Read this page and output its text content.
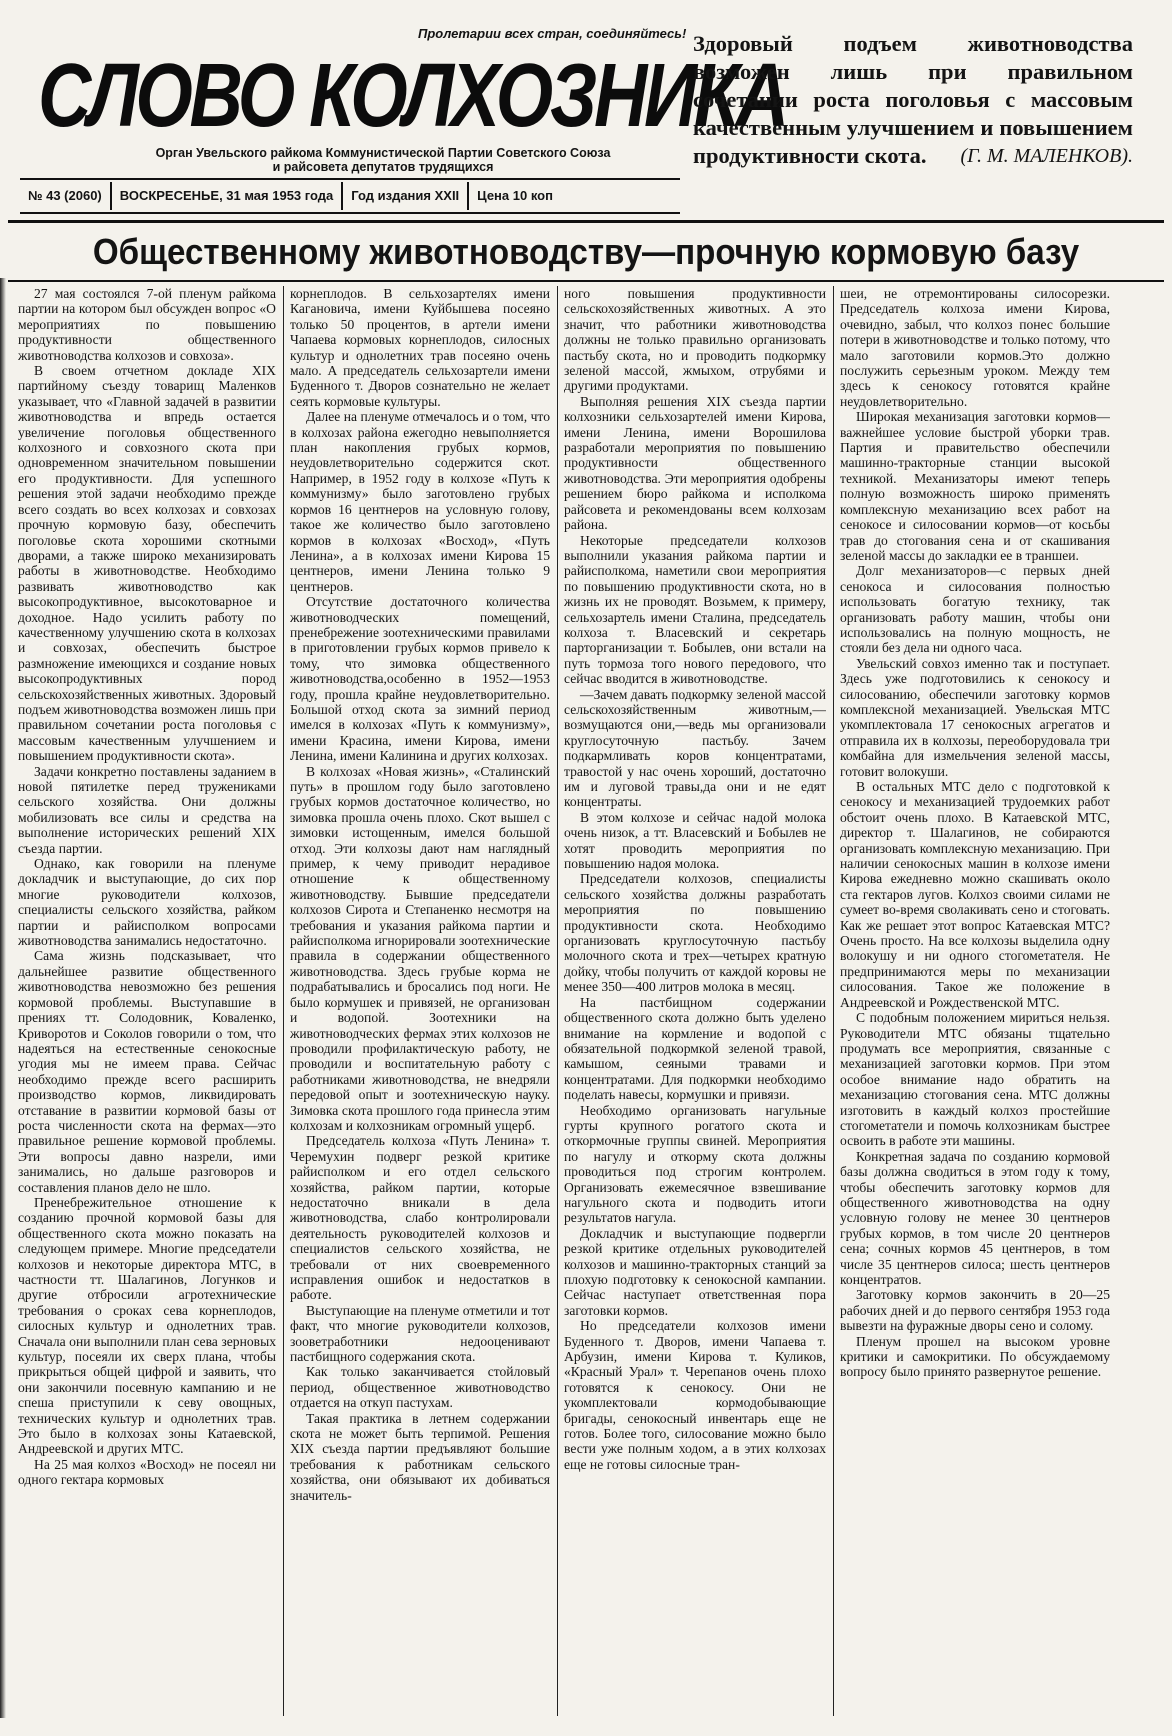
Пролетарии всех стран, соединяйтесь!
СЛОВО КОЛХОЗНИКА
Орган Увельского райкома Коммунистической Партии Советского Союза
и райсовета депутатов трудящихся
№ 43 (2060)	ВОСКРЕСЕНЬЕ, 31 мая 1953 года	Год издания XXII	Цена 10 коп
Здоровый подъем животноводства возможен лишь при правильном сочетании роста поголовья с массовым качественным улучшением и повышением продуктивности скота. (Г. М. МАЛЕНКОВ).
Общественному животноводству—прочную кормовую базу

27 мая состоялся 7-ой пленум райкома партии на котором был обсужден вопрос «О мероприятиях по повышению продуктивности общественного животноводства колхозов и совхоза».

В своем отчетном докладе XIX партийному съезду товарищ Маленков указывает, что «Главной задачей в развитии животноводства и впредь остается увеличение поголовья общественного колхозного и совхозного скота при одновременном значительном повышении его продуктивности. Для успешного решения этой задачи необходимо прежде всего создать во всех колхозах и совхозах прочную кормовую базу, обеспечить поголовье скота хорошими скотными дворами, а также широко механизировать работы в животноводстве. Необходимо развивать животноводство как высокопродуктивное, высокотоварное и доходное. Надо усилить работу по качественному улучшению скота в колхозах и совхозах, обеспечить быстрое размножение имеющихся и создание новых высокопродуктивных пород сельскохозяйственных животных. Здоровый подъем животноводства возможен лишь при правильном сочетании роста поголовья с массовым качественным улучшением и повышением продуктивности скота».

Задачи конкретно поставлены заданием в новой пятилетке перед тружениками сельского хозяйства. Они должны мобилизовать все силы и средства на выполнение исторических решений XIX съезда партии.

Однако, как говорили на пленуме докладчик и выступающие, до сих пор многие руководители колхозов, специалисты сельского хозяйства, райком партии и райисполком вопросами животноводства занимались недостаточно.

Сама жизнь подсказывает, что дальнейшее развитие общественного животноводства невозможно без решения кормовой проблемы. Выступавшие в прениях тт. Солодовник, Коваленко, Криворотов и Соколов говорили о том, что надеяться на естественные сенокосные угодия мы не имеем права. Сейчас необходимо прежде всего расширить производство кормов, ликвидировать отставание в развитии кормовой базы от роста численности скота на фермах—это правильное решение кормовой проблемы. Эти вопросы давно назрели, ими занимались, но дальше разговоров и составления планов дело не шло.

Пренебрежительное отношение к созданию прочной кормовой базы для общественного скота можно показать на следующем примере. Многие председатели колхозов и некоторые директора МТС, в частности тт. Шалагинов, Логунков и другие отбросили агротехнические требования о сроках сева корнеплодов, силосных культур и однолетних трав. Сначала они выполнили план сева зерновых культур, посеяли их сверх плана, чтобы прикрыться общей цифрой и заявить, что они закончили посевную кампанию и не спеша приступили к севу овощных, технических культур и однолетних трав. Это было в колхозах зоны Катаевской, Андреевской и других МТС.

На 25 мая колхоз «Восход» не посеял ни одного гектара кормовых

корнеплодов. В сельхозартелях имени Кагановича, имени Куйбышева посеяно только 50 процентов, в артели имени Чапаева кормовых корнеплодов, силосных культур и однолетних трав посеяно очень мало. А председатель сельхозартели имени Буденного т. Дворов сознательно не желает сеять кормовые культуры.

Далее на пленуме отмечалось и о том, что в колхозах района ежегодно невыполняется план накопления грубых кормов, неудовлетворительно содержится скот. Например, в 1952 году в колхозе «Путь к коммунизму» было заготовлено грубых кормов 16 центнеров на условную голову, такое же количество было заготовлено кормов в колхозах «Восход», «Путь Ленина», а в колхозах имени Кирова 15 центнеров, имени Ленина только 9 центнеров.

Отсутствие достаточного количества животноводческих помещений, пренебрежение зоотехническими правилами в приготовлении грубых кормов привело к тому, что зимовка общественного животноводства,особенно в 1952—1953 году, прошла крайне неудовлетворительно. Большой отход скота за зимний период имелся в колхозах «Путь к коммунизму», имени Красина, имени Кирова, имени Ленина, имени Калинина и других колхозах.

В колхозах «Новая жизнь», «Сталинский путь» в прошлом году было заготовлено грубых кормов достаточное количество, но зимовка прошла очень плохо. Скот вышел с зимовки истощенным, имелся большой отход. Эти колхозы дают нам наглядный пример, к чему приводит нерадивое отношение к общественному животноводству. Бывшие председатели колхозов Сирота и Степаненко несмотря на требования и указания райкома партии и райисполкома игнорировали зоотехнические правила в содержании общественного животноводства. Здесь грубые корма не подрабатывались и бросались под ноги. Не было кормушек и привязей, не организован и водопой. Зоотехники на животноводческих фермах этих колхозов не проводили профилактическую работу, не проводили и воспитательную работу с работниками животноводства, не внедряли передовой опыт и зоотехническую науку. Зимовка скота прошлого года принесла этим колхозам и колхозникам огромный ущерб.

Председатель колхоза «Путь Ленина» т. Черемухин подверг резкой критике райисполком и его отдел сельского хозяйства, райком партии, которые недостаточно вникали в дела животноводства, слабо контролировали деятельность руководителей колхозов и специалистов сельского хозяйства, не требовали от них своевременного исправления ошибок и недостатков в работе.

Выступающие на пленуме отметили и тот факт, что многие руководители колхозов, зооветработники недооценивают пастбищного содержания скота.

Как только заканчивается стойловый период, общественное животноводство отдается на откуп пастухам.

Такая практика в летнем содержании скота не может быть терпимой. Решения XIX съезда партии предъявляют большие требования к работникам сельского хозяйства, они обязывают их добиваться значитель-

ного повышения продуктивности сельскохозяйственных животных. А это значит, что работники животноводства должны не только правильно организовать пастьбу скота, но и проводить подкормку зеленой массой, жмыхом, отрубями и другими продуктами.

Выполняя решения XIX съезда партии колхозники сельхозартелей имени Кирова, имени Ленина, имени Ворошилова разработали мероприятия по повышению продуктивности общественного животноводства. Эти мероприятия одобрены решением бюро райкома и исполкома райсовета и рекомендованы всем колхозам района.

Некоторые председатели колхозов выполнили указания райкома партии и райисполкома, наметили свои мероприятия по повышению продуктивности скота, но в жизнь их не проводят. Возьмем, к примеру, сельхозартель имени Сталина, председатель колхоза т. Власевский и секретарь парторганизации т. Бобылев, они встали на путь тормоза того нового передового, что сейчас вводится в животноводстве.

—Зачем давать подкормку зеленой массой сельскохозяйственным животным,—возмущаются они,—ведь мы организовали круглосуточную пастьбу. Зачем подкармливать коров концентратами, травостой у нас очень хороший, достаточно им и луговой травы,да они и не едят концентраты.

В этом колхозе и сейчас надой молока очень низок, а тт. Власевский и Бобылев не хотят проводить мероприятия по повышению надоя молока.

Председатели колхозов, специалисты сельского хозяйства должны разработать мероприятия по повышению продуктивности скота. Необходимо организовать круглосуточную пастьбу молочного скота и трех—четырех кратную дойку, чтобы получить от каждой коровы не менее 350—400 литров молока в месяц.

На пастбищном содержании общественного скота должно быть уделено внимание на кормление и водопой с обязательной подкормкой зеленой травой, камышом, сеяными травами и концентратами. Для подкормки необходимо поделать навесы, кормушки и привязи.

Необходимо организовать нагульные гурты крупного рогатого скота и откормочные группы свиней. Мероприятия по нагулу и откорму скота должны проводиться под строгим контролем. Организовать ежемесячное взвешивание нагульного скота и подводить итоги результатов нагула.

Докладчик и выступающие подвергли резкой критике отдельных руководителей колхозов и машинно-тракторных станций за плохую подготовку к сенокосной кампании. Сейчас наступает ответственная пора заготовки кормов.

Но председатели колхозов имени Буденного т. Дворов, имени Чапаева т. Арбузин, имени Кирова т. Куликов, «Красный Урал» т. Черепанов очень плохо готовятся к сенокосу. Они не укомплектовали кормодобывающие бригады, сенокосный инвентарь еще не готов. Более того, силосование можно было вести уже полным ходом, а в этих колхозах еще не готовы силосные тран-

шеи, не отремонтированы силосорезки. Председатель колхоза имени Кирова, очевидно, забыл, что колхоз понес большие потери в животноводстве и только потому, что мало заготовили кормов.Это должно послужить серьезным уроком. Между тем здесь к сенокосу готовятся крайне неудовлетворительно.

Широкая механизация заготовки кормов—важнейшее условие быстрой уборки трав. Партия и правительство обеспечили машинно-тракторные станции высокой техникой. Механизаторы имеют теперь полную возможность широко применять комплексную механизацию всех работ на сенокосе и силосовании кормов—от косьбы трав до стогования сена и от скашивания зеленой массы до закладки ее в траншеи.

Долг механизаторов—с первых дней сенокоса и силосования полностью использовать богатую технику, так организовать работу машин, чтобы они использовались на полную мощность, не стояли без дела ни одного часа.

Увельский совхоз именно так и поступает. Здесь уже подготовились к сенокосу и силосованию, обеспечили заготовку кормов комплексной механизацией. Увельская МТС укомплектовала 17 сенокосных агрегатов и отправила их в колхозы, переоборудовала три комбайна для измельчения зеленой массы, готовит волокуши.

В остальных МТС дело с подготовкой к сенокосу и механизацией трудоемких работ обстоит очень плохо. В Катаевской МТС, директор т. Шалагинов, не собираются организовать комплексную механизацию. При наличии сенокосных машин в колхозе имени Кирова ежедневно можно скашивать около ста гектаров лугов. Колхоз своими силами не сумеет во-время сволакивать сено и стоговать. Как же решает этот вопрос Катаевская МТС? Очень просто. На все колхозы выделила одну волокушу и ни одного стогометателя. Не предпринимаются меры по механизации силосования. Такое же положение в Андреевской и Рождественской МТС.

С подобным положением мириться нельзя. Руководители МТС обязаны тщательно продумать все мероприятия, связанные с механизацией заготовки кормов. При этом особое внимание надо обратить на механизацию стогования сена. МТС должны изготовить в каждый колхоз простейшие стогометатели и помочь колхозникам быстрее освоить в работе эти машины.

Конкретная задача по созданию кормовой базы должна сводиться в этом году к тому, чтобы обеспечить заготовку кормов для общественного животноводства на одну условную голову не менее 30 центнеров грубых кормов, в том числе 20 центнеров сена; сочных кормов 45 центнеров, в том числе 35 центнеров силоса; шесть центнеров концентратов.

Заготовку кормов закончить в 20—25 рабочих дней и до первого сентября 1953 года вывезти на фуражные дворы сено и солому.

Пленум прошел на высоком уровне критики и самокритики. По обсуждаемому вопросу было принято развернутое решение.
